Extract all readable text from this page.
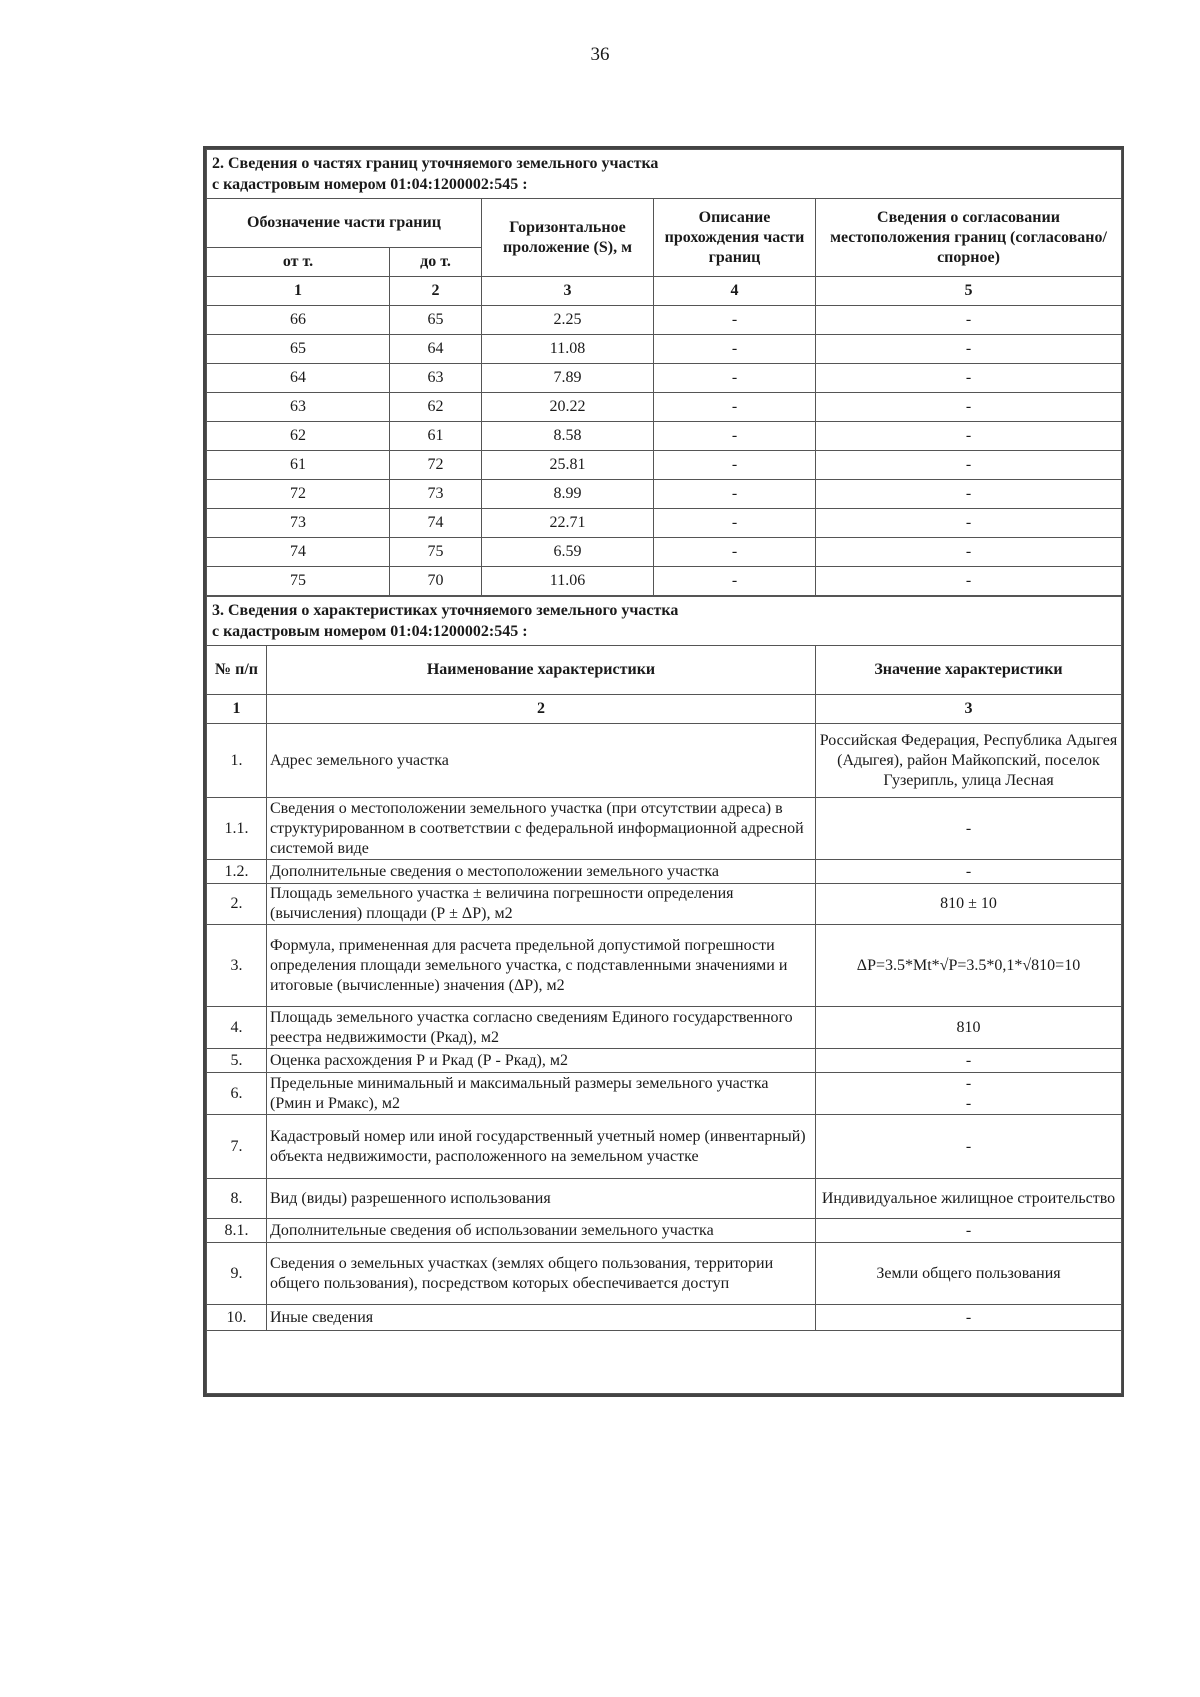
36
2. Сведения о частях границ уточняемого земельного участка
с кадастровым номером 01:04:1200002:545 :				

Обозначение части границ		Горизонтальное проложение (S), м	Описание прохождения части границ	Сведения о согласовании местоположения границ (согласовано/спорное)
от т.	до т.			
1	2	3	4	5
66	65	2.25	-	-
65	64	11.08	-	-
64	63	7.89	-	-
63	62	20.22	-	-
62	61	8.58	-	-
61	72	25.81	-	-
72	73	8.99	-	-
73	74	22.71	-	-
74	75	6.59	-	-
75	70	11.06	-	-
3. Сведения о характеристиках уточняемого земельного участка
с кадастровым номером 01:04:1200002:545 :		

№ п/п	Наименование характеристики	Значение характеристики
1	2	3
1.	Адрес земельного участка	Российская Федерация, Республика Адыгея (Адыгея), район Майкопский, поселок Гузерипль, улица Лесная
1.1.	Сведения о местоположении земельного участка (при отсутствии адреса) в структурированном в соответствии с федеральной информационной адресной системой виде	-
1.2.	Дополнительные сведения о местоположении земельного участка	-
2.	Площадь земельного участка ± величина погрешности определения (вычисления) площади (Р ± ΔР), м2	810 ± 10
3.	Формула, примененная для расчета предельной допустимой погрешности определения площади земельного участка, с подставленными значениями и итоговые (вычисленные) значения (ΔР), м2	ΔР=3.5*Mt*√Р=3.5*0,1*√810=10
4.	Площадь земельного участка согласно сведениям Единого государственного реестра недвижимости (Ркад), м2	810
5.	Оценка расхождения Р и Ркад (Р - Ркад), м2	-
6.	Предельные минимальный и максимальный размеры земельного участка (Рмин и Рмакс), м2	-
-

7.	Кадастровый номер или иной государственный учетный номер (инвентарный) объекта недвижимости, расположенного на земельном участке	-
8.	Вид (виды) разрешенного использования	Индивидуальное жилищное строительство
8.1.	Дополнительные сведения об использовании земельного участка	-
9.	Сведения о земельных участках (землях общего пользования, территории общего пользования), посредством которых обеспечивается доступ	Земли общего пользования
10.	Иные сведения	-
